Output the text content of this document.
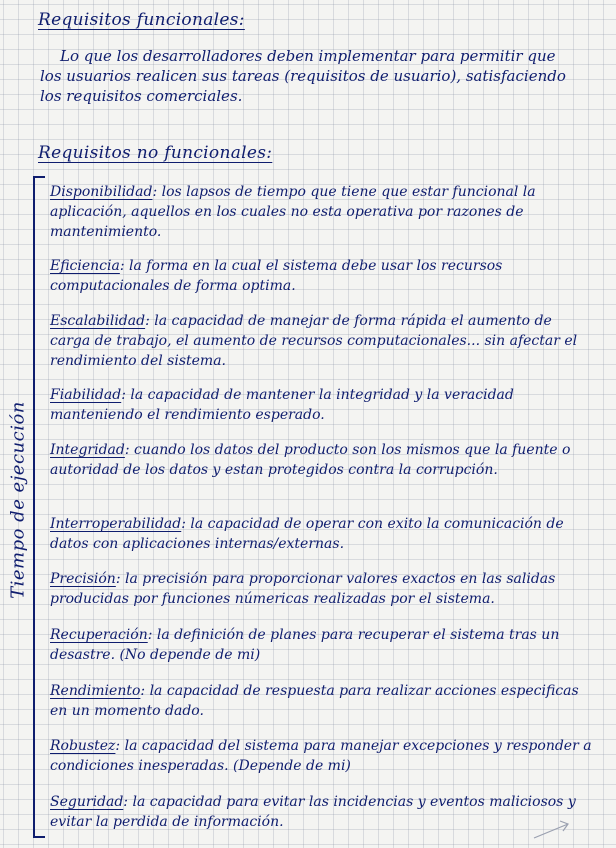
Requisitos funcionales:

Lo que los desarrolladores deben implementar para permitir que los usuarios realicen sus tareas (requisitos de usuario), satisfaciendo los requisitos comerciales.

Requisitos no funcionales:
Tiempo de ejecución

Disponibilidad: los lapsos de tiempo que tiene que estar funcional la aplicación, aquellos en los cuales no esta operativa por razones de mantenimiento.

Eficiencia: la forma en la cual el sistema debe usar los recursos computacionales de forma optima.

Escalabilidad: la capacidad de manejar de forma rápida el aumento de carga de trabajo, el aumento de recursos computacionales... sin afectar el rendimiento del sistema.

Fiabilidad: la capacidad de mantener la integridad y la veracidad manteniendo el rendimiento esperado.

Integridad: cuando los datos del producto son los mismos que la fuente o autoridad de los datos y estan protegidos contra la corrupción.

Interroperabilidad: la capacidad de operar con exito la comunicación de datos con aplicaciones internas/externas.

Precisión: la precisión para proporcionar valores exactos en las salidas producidas por funciones númericas realizadas por el sistema.

Recuperación: la definición de planes para recuperar el sistema tras un desastre. (No depende de mi)

Rendimiento: la capacidad de respuesta para realizar acciones especificas en un momento dado.

Robustez: la capacidad del sistema para manejar excepciones y responder a condiciones inesperadas. (Depende de mi)

Seguridad: la capacidad para evitar las incidencias y eventos maliciosos y evitar la perdida de información.
